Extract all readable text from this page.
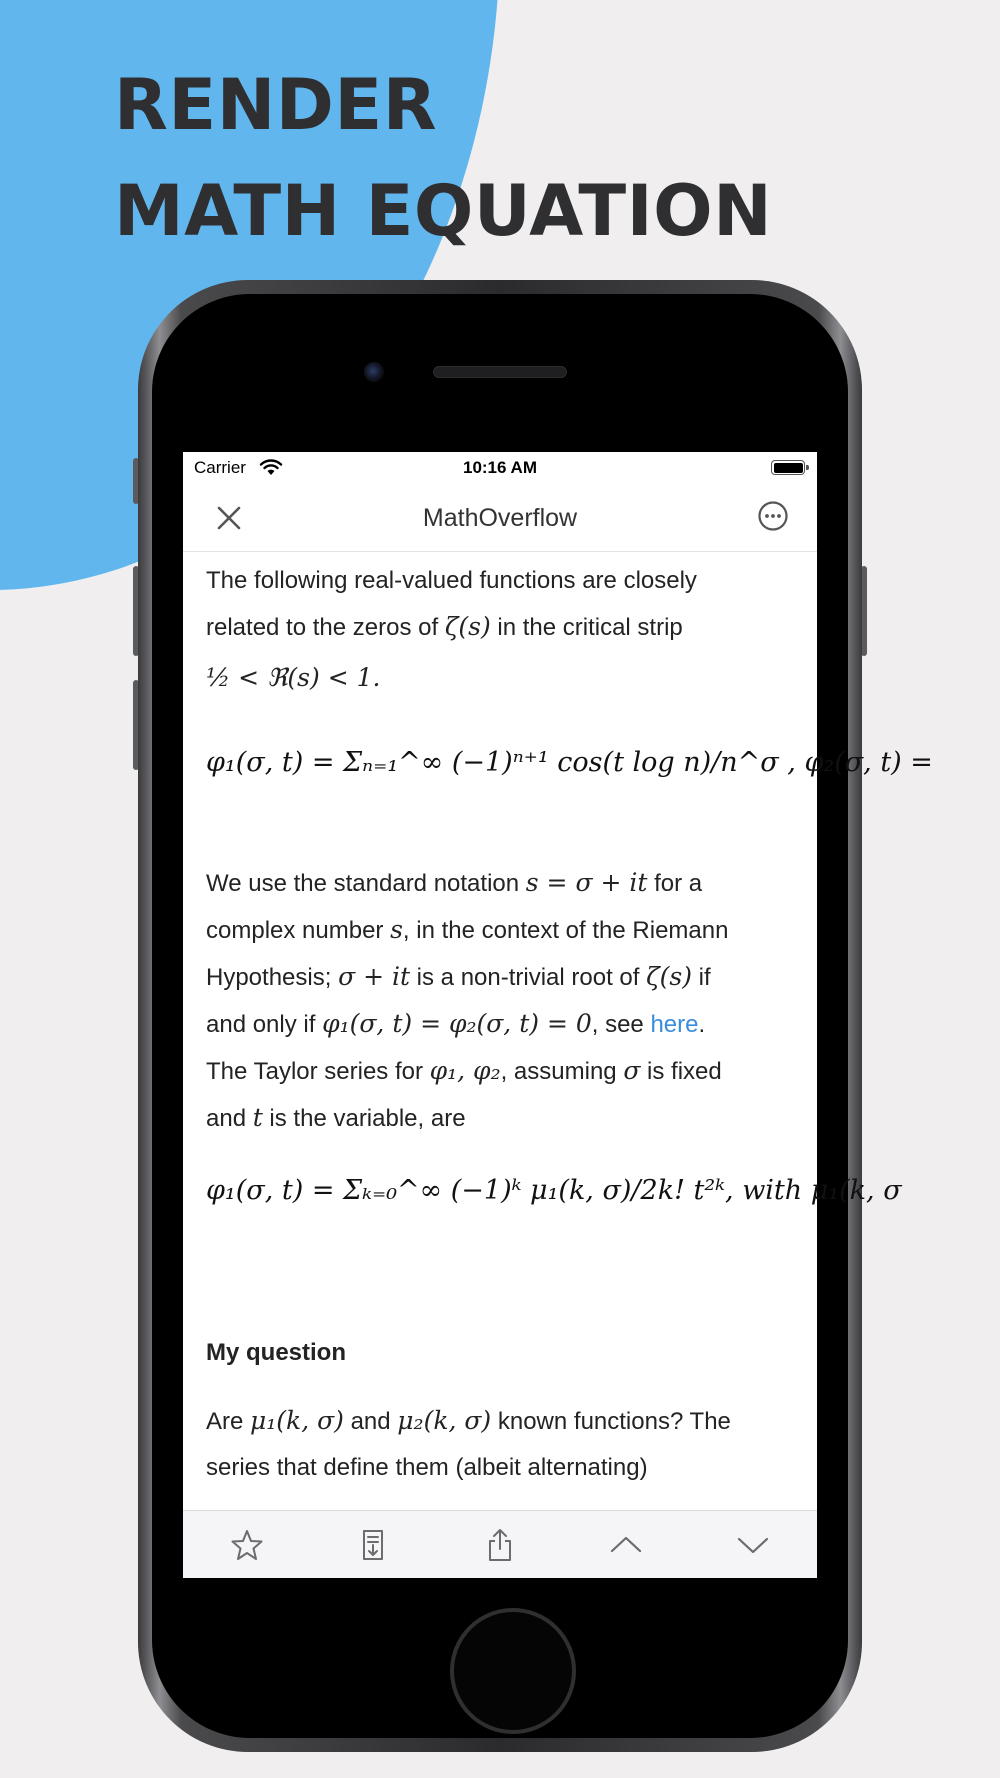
RENDER
MATH EQUATION
Carrier	10:16 AM
MathOverflow
The following real-valued functions are closely
related to the zeros of ζ(s) in the critical strip
½ < ℜ(s) < 1.
φ₁(σ, t) = Σₙ₌₁^∞ (−1)ⁿ⁺¹ cos(t log n)/n^σ , φ₂(σ, t) =
We use the standard notation s = σ + it for a
complex number s, in the context of the Riemann
Hypothesis; σ + it is a non-trivial root of ζ(s) if
and only if φ₁(σ, t) = φ₂(σ, t) = 0, see here.
The Taylor series for φ₁, φ₂, assuming σ is fixed
and t is the variable, are
φ₁(σ, t) = Σₖ₌₀^∞ (−1)ᵏ μ₁(k, σ)/2k! t²ᵏ, with μ₁(k, σ
My question
Are μ₁(k, σ) and μ₂(k, σ) known functions? The
series that define them (albeit alternating)
